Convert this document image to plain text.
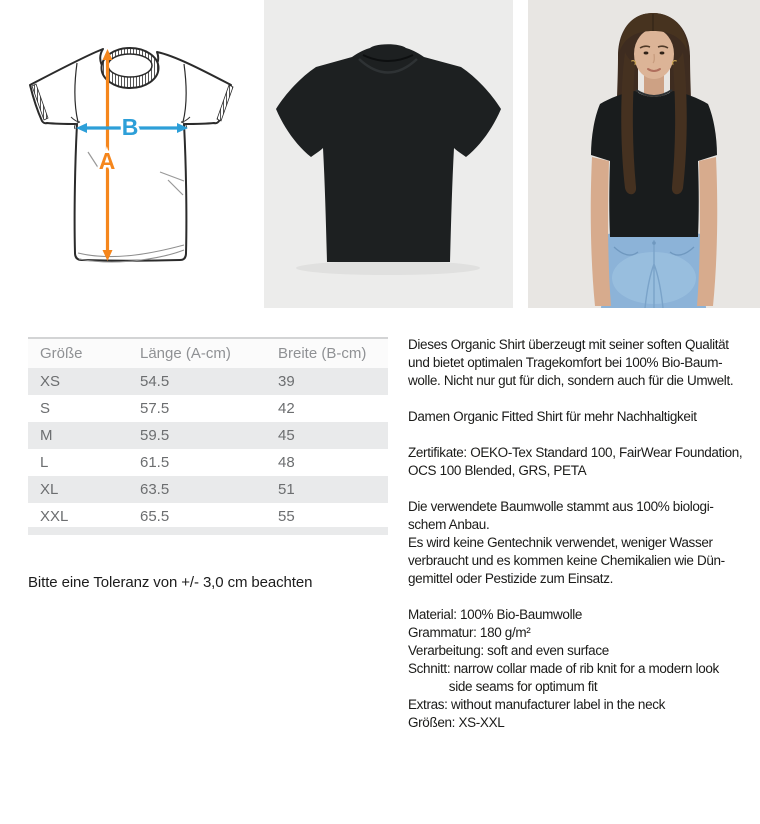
A
B
Größe	Länge (A-cm)	Breite (B-cm)
XS	54.5	39
S	57.5	42
M	59.5	45
L	61.5	48
XL	63.5	51
XXL	65.5	55
Bitte eine Toleranz von +/- 3,0 cm beachten
Dieses Organic Shirt überzeugt mit seiner soften Qualität
und bietet optimalen Tragekomfort bei 100% Bio-Baum-
wolle. Nicht nur gut für dich, sondern auch für die Umwelt.

Damen Organic Fitted Shirt für mehr Nachhaltigkeit

Zertifikate: OEKO-Tex Standard 100, FairWear Foundation,
OCS 100 Blended, GRS, PETA

Die verwendete Baumwolle stammt aus 100% biologi-
schem Anbau.
Es wird keine Gentechnik verwendet, weniger Wasser
verbraucht und es kommen keine Chemikalien wie Dün-
gemittel oder Pestizide zum Einsatz.

Material: 100% Bio-Baumwolle
Grammatur: 180 g/m²
Verarbeitung: soft and even surface
Schnitt: narrow collar made of rib knit for a modern look
side seams for optimum fit
Extras: without manufacturer label in the neck
Größen: XS-XXL
